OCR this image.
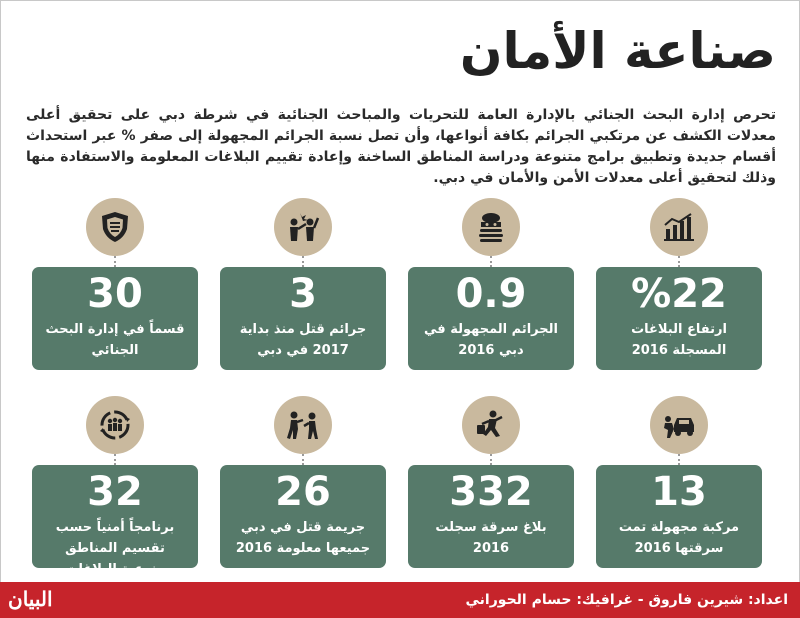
صناعة الأمان
تحرص إدارة البحث الجنائي بالإدارة العامة للتحريات والمباحث الجنائية في شرطة دبي على تحقيق أعلى معدلات الكشف عن مرتكبي الجرائم بكافة أنواعها، وأن تصل نسبة الجرائم المجهولة إلى صفر % عبر استحداث أقسام جديدة وتطبيق برامج متنوعة ودراسة المناطق الساخنة وإعادة تقييم البلاغات المعلومة والاستفادة منها وذلك لتحقيق أعلى معدلات الأمن والأمان في دبي.
%22
ارتفاع البلاغات المسجلة 2016
0.9
الجرائم المجهولة في دبي 2016
3
جرائم قتل منذ بداية 2017 في دبي
30
قسماً في إدارة البحث الجنائي
13
مركبة مجهولة تمت سرقتها 2016
332
بلاغ سرقة سجلت 2016
26
جريمة قتل في دبي جميعها معلومة 2016
32
برنامجاً أمنياً حسب تقسيم المناطق ونوعية البلاغات
اعداد: شيرين فاروق - غرافيك: حسام الحوراني
البيان
